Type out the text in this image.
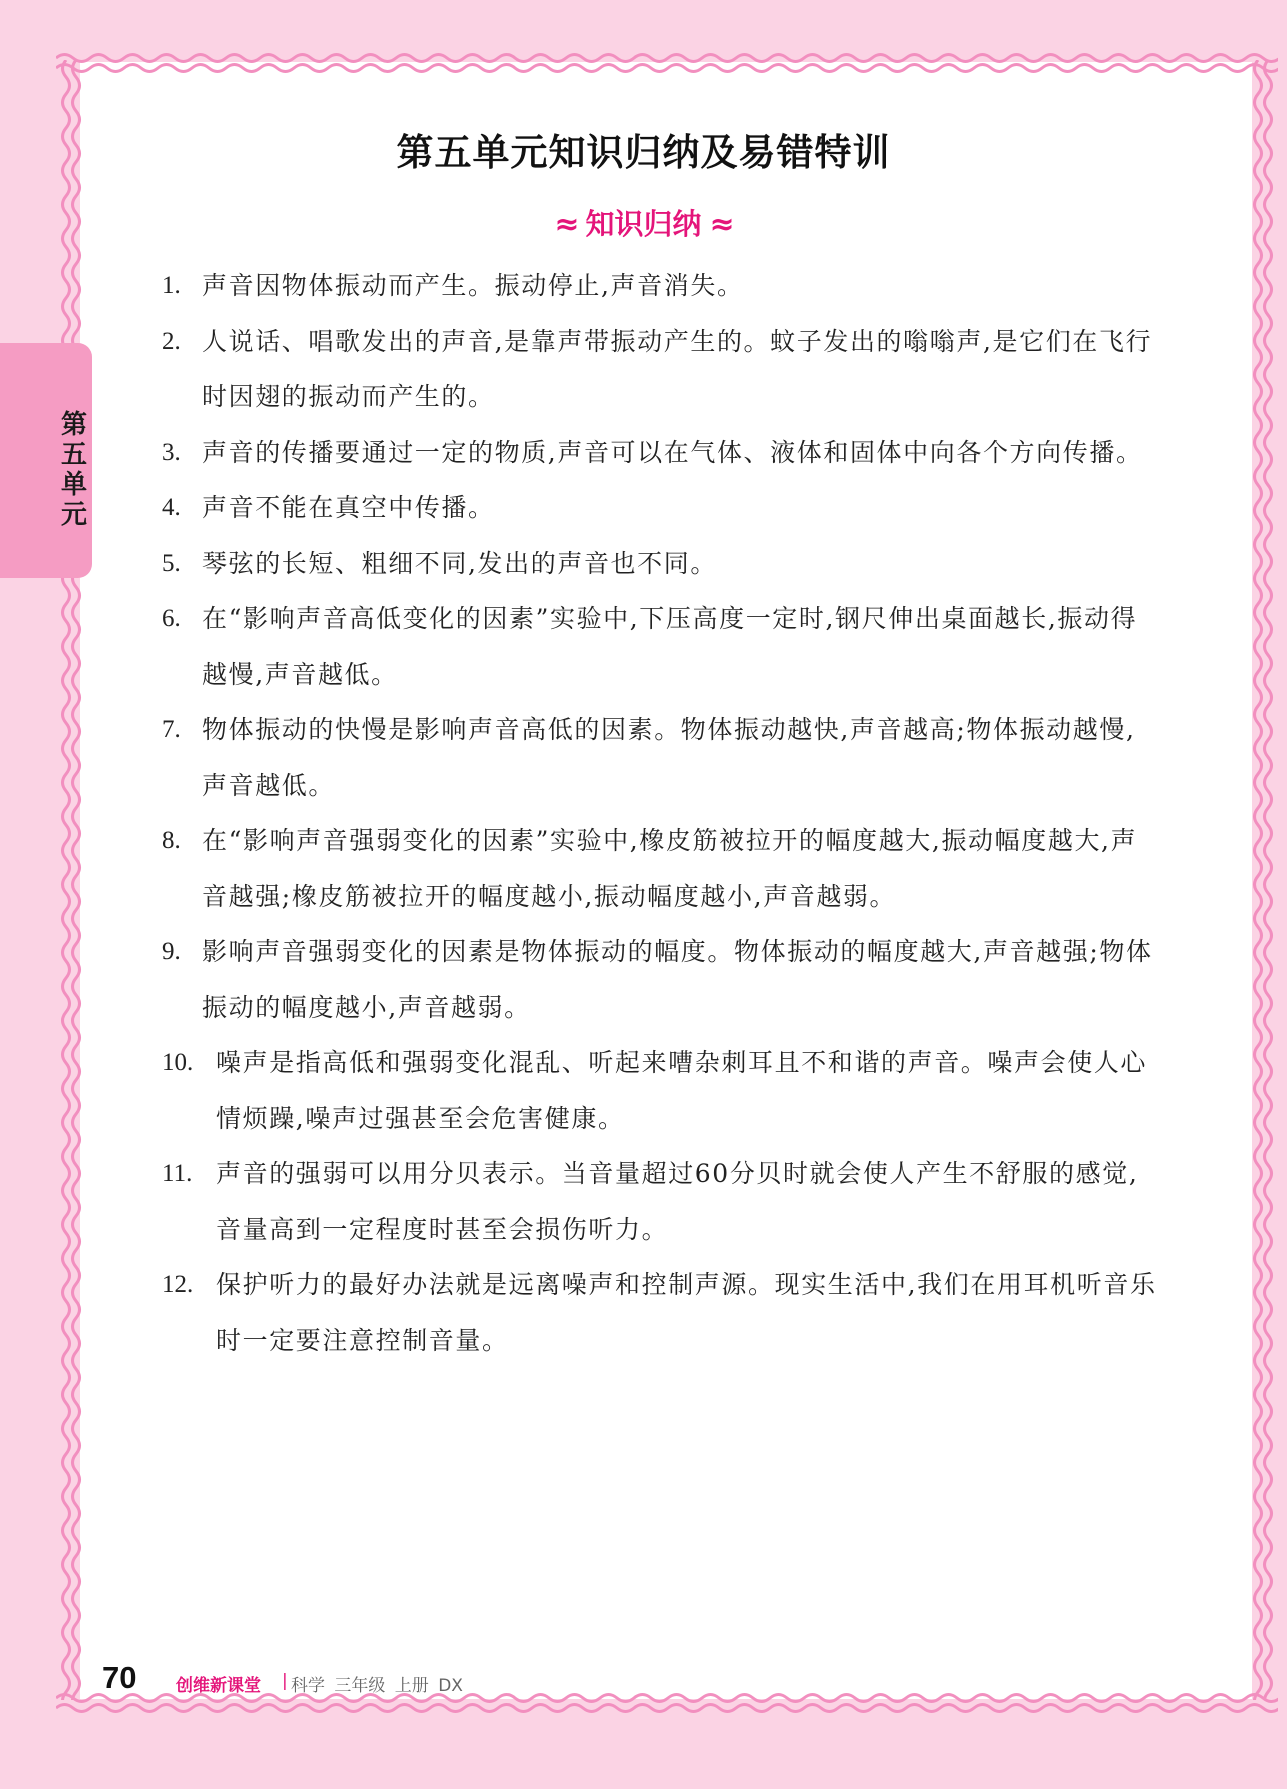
第五单元
第五单元知识归纳及易错特训
≈ 知识归纳 ≈
1. 声音因物体振动而产生。振动停止,声音消失。
2. 人说话、唱歌发出的声音,是靠声带振动产生的。蚊子发出的嗡嗡声,是它们在飞行时因翅的振动而产生的。
3. 声音的传播要通过一定的物质,声音可以在气体、液体和固体中向各个方向传播。
4. 声音不能在真空中传播。
5. 琴弦的长短、粗细不同,发出的声音也不同。
6. 在“影响声音高低变化的因素”实验中,下压高度一定时,钢尺伸出桌面越长,振动得越慢,声音越低。
7. 物体振动的快慢是影响声音高低的因素。物体振动越快,声音越高;物体振动越慢,声音越低。
8. 在“影响声音强弱变化的因素”实验中,橡皮筋被拉开的幅度越大,振动幅度越大,声音越强;橡皮筋被拉开的幅度越小,振动幅度越小,声音越弱。
9. 影响声音强弱变化的因素是物体振动的幅度。物体振动的幅度越大,声音越强;物体振动的幅度越小,声音越弱。
10. 噪声是指高低和强弱变化混乱、听起来嘈杂刺耳且不和谐的声音。噪声会使人心情烦躁,噪声过强甚至会危害健康。
11. 声音的强弱可以用分贝表示。当音量超过60分贝时就会使人产生不舒服的感觉,音量高到一定程度时甚至会损伤听力。
12. 保护听力的最好办法就是远离噪声和控制声源。现实生活中,我们在用耳机听音乐时一定要注意控制音量。
70 创维新课堂 | 科学 三年级 上册 DX
